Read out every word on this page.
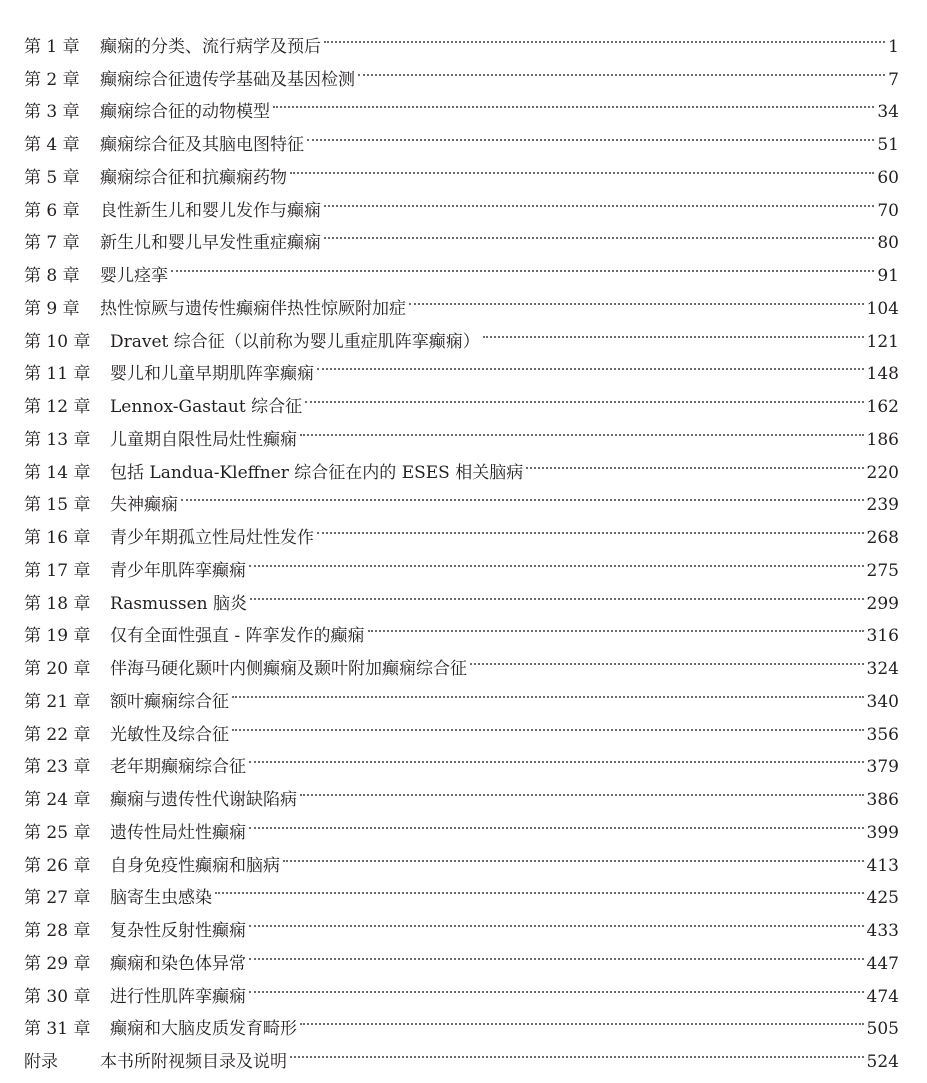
第 1 章	癫痫的分类、流行病学及预后	1
第 2 章	癫痫综合征遗传学基础及基因检测	7
第 3 章	癫痫综合征的动物模型	34
第 4 章	癫痫综合征及其脑电图特征	51
第 5 章	癫痫综合征和抗癫痫药物	60
第 6 章	良性新生儿和婴儿发作与癫痫	70
第 7 章	新生儿和婴儿早发性重症癫痫	80
第 8 章	婴儿痉挛	91
第 9 章	热性惊厥与遗传性癫痫伴热性惊厥附加症	104
第 10 章	Dravet 综合征（以前称为婴儿重症肌阵挛癫痫）	121
第 11 章	婴儿和儿童早期肌阵挛癫痫	148
第 12 章	Lennox-Gastaut 综合征	162
第 13 章	儿童期自限性局灶性癫痫	186
第 14 章	包括 Landua-Kleffner 综合征在内的 ESES 相关脑病	220
第 15 章	失神癫痫	239
第 16 章	青少年期孤立性局灶性发作	268
第 17 章	青少年肌阵挛癫痫	275
第 18 章	Rasmussen 脑炎	299
第 19 章	仅有全面性强直 - 阵挛发作的癫痫	316
第 20 章	伴海马硬化颞叶内侧癫痫及颞叶附加癫痫综合征	324
第 21 章	额叶癫痫综合征	340
第 22 章	光敏性及综合征	356
第 23 章	老年期癫痫综合征	379
第 24 章	癫痫与遗传性代谢缺陷病	386
第 25 章	遗传性局灶性癫痫	399
第 26 章	自身免疫性癫痫和脑病	413
第 27 章	脑寄生虫感染	425
第 28 章	复杂性反射性癫痫	433
第 29 章	癫痫和染色体异常	447
第 30 章	进行性肌阵挛癫痫	474
第 31 章	癫痫和大脑皮质发育畸形	505
附录	本书所附视频目录及说明	524
